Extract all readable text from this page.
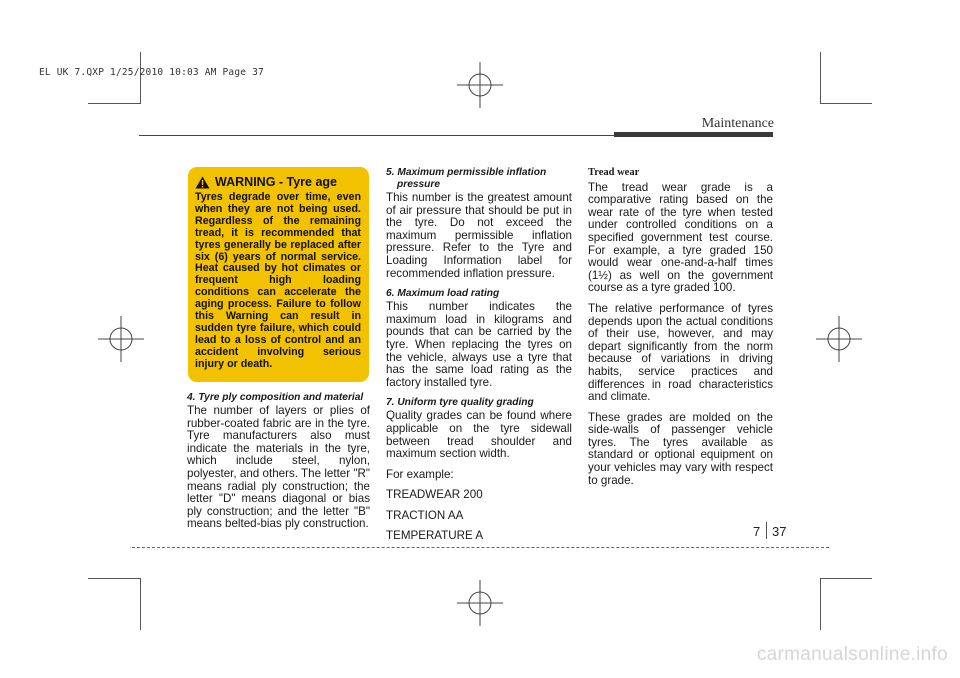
EL UK 7.QXP 1/25/2010 10:03 AM Page 37
Maintenance
WARNING - Tyre age
Tyres degrade over time, even when they are not being used. Regardless of the remaining tread, it is recommended that tyres generally be replaced after six (6) years of normal service. Heat caused by hot climates or frequent high loading conditions can accelerate the aging process. Failure to follow this Warning can result in sudden tyre failure, which could lead to a loss of control and an accident involving serious injury or death.
4. Tyre ply composition and material

The number of layers or plies of rubber-coated fabric are in the tyre. Tyre manufacturers also must indicate the materials in the tyre, which include steel, nylon, polyester, and others. The letter "R" means radial ply construction; the letter "D" means diagonal or bias ply construction; and the letter "B" means belted-bias ply construction.

5. Maximum permissible inflation
pressure

This number is the greatest amount of air pressure that should be put in the tyre. Do not exceed the maximum permissible inflation pressure. Refer to the Tyre and Loading Information label for recommended inflation pressure.

6. Maximum load rating

This number indicates the maximum load in kilograms and pounds that can be carried by the tyre. When replacing the tyres on the vehicle, always use a tyre that has the same load rating as the factory installed tyre.

7. Uniform tyre quality grading

Quality grades can be found where applicable on the tyre sidewall between tread shoulder and maximum section width.

For example:

TREADWEAR 200

TRACTION AA

TEMPERATURE A

Tread wear

The tread wear grade is a comparative rating based on the wear rate of the tyre when tested under controlled conditions on a specified government test course. For example, a tyre graded 150 would wear one-and-a-half times (1½) as well on the government course as a tyre graded 100.

The relative performance of tyres depends upon the actual conditions of their use, however, and may depart significantly from the norm because of variations in driving habits, service practices and differences in road characteristics and climate.

These grades are molded on the side-walls of passenger vehicle tyres. The tyres available as standard or optional equipment on your vehicles may vary with respect to grade.

7 37
carmanualsonline.info
